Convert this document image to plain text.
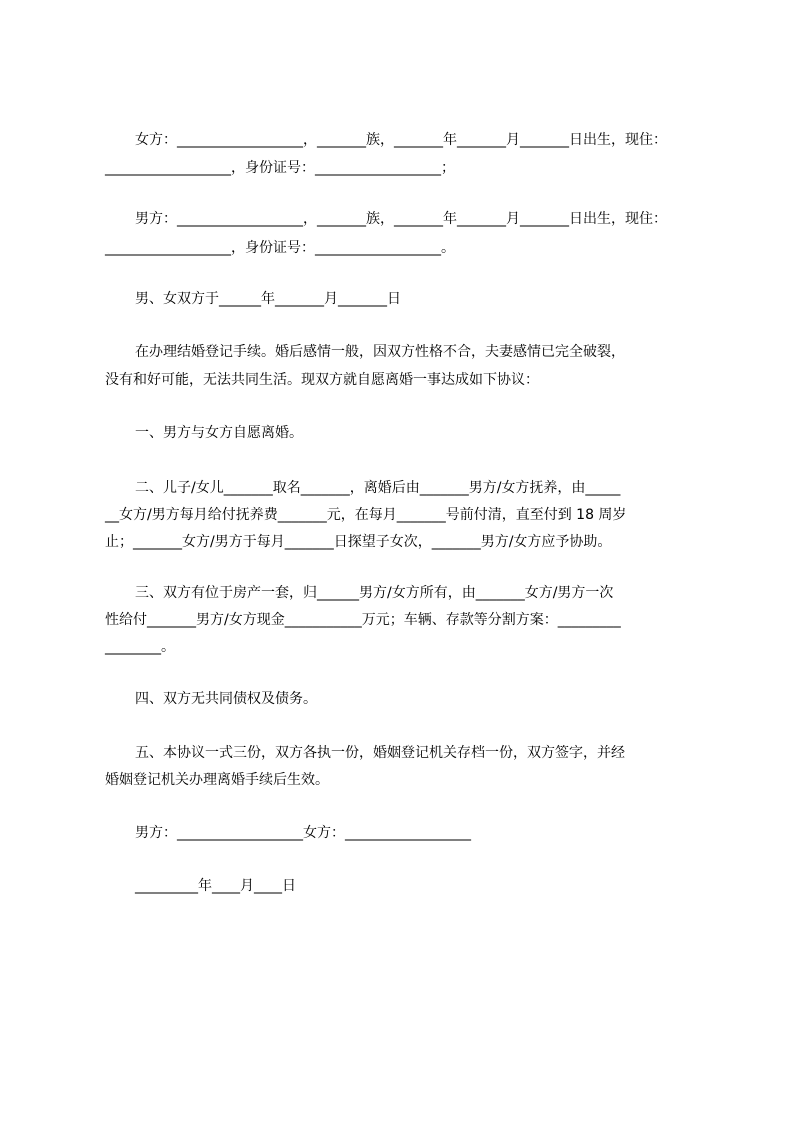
女方：__________________，_______族，_______年_______月_______日出生，现住：
__________________，身份证号：__________________；
男方：__________________，_______族，_______年_______月_______日出生，现住：
__________________，身份证号：__________________。
男、女双方于______年_______月_______日
在办理结婚登记手续。婚后感情一般，因双方性格不合，夫妻感情已完全破裂，
没有和好可能，无法共同生活。现双方就自愿离婚一事达成如下协议：
一、男方与女方自愿离婚。
二、儿子/女儿_______取名_______，离婚后由_______男方/女方抚养，由_____
__女方/男方每月给付抚养费_______元，在每月_______号前付清，直至付到 18 周岁
止；_______女方/男方于每月_______日探望子女次，_______男方/女方应予协助。
三、双方有位于房产一套，归______男方/女方所有，由_______女方/男方一次
性给付_______男方/女方现金___________万元；车辆、存款等分割方案：_________
________。
四、双方无共同债权及债务。
五、本协议一式三份，双方各执一份，婚姻登记机关存档一份，双方签字，并经
婚姻登记机关办理离婚手续后生效。
男方：__________________女方：__________________
_________年____月____日
